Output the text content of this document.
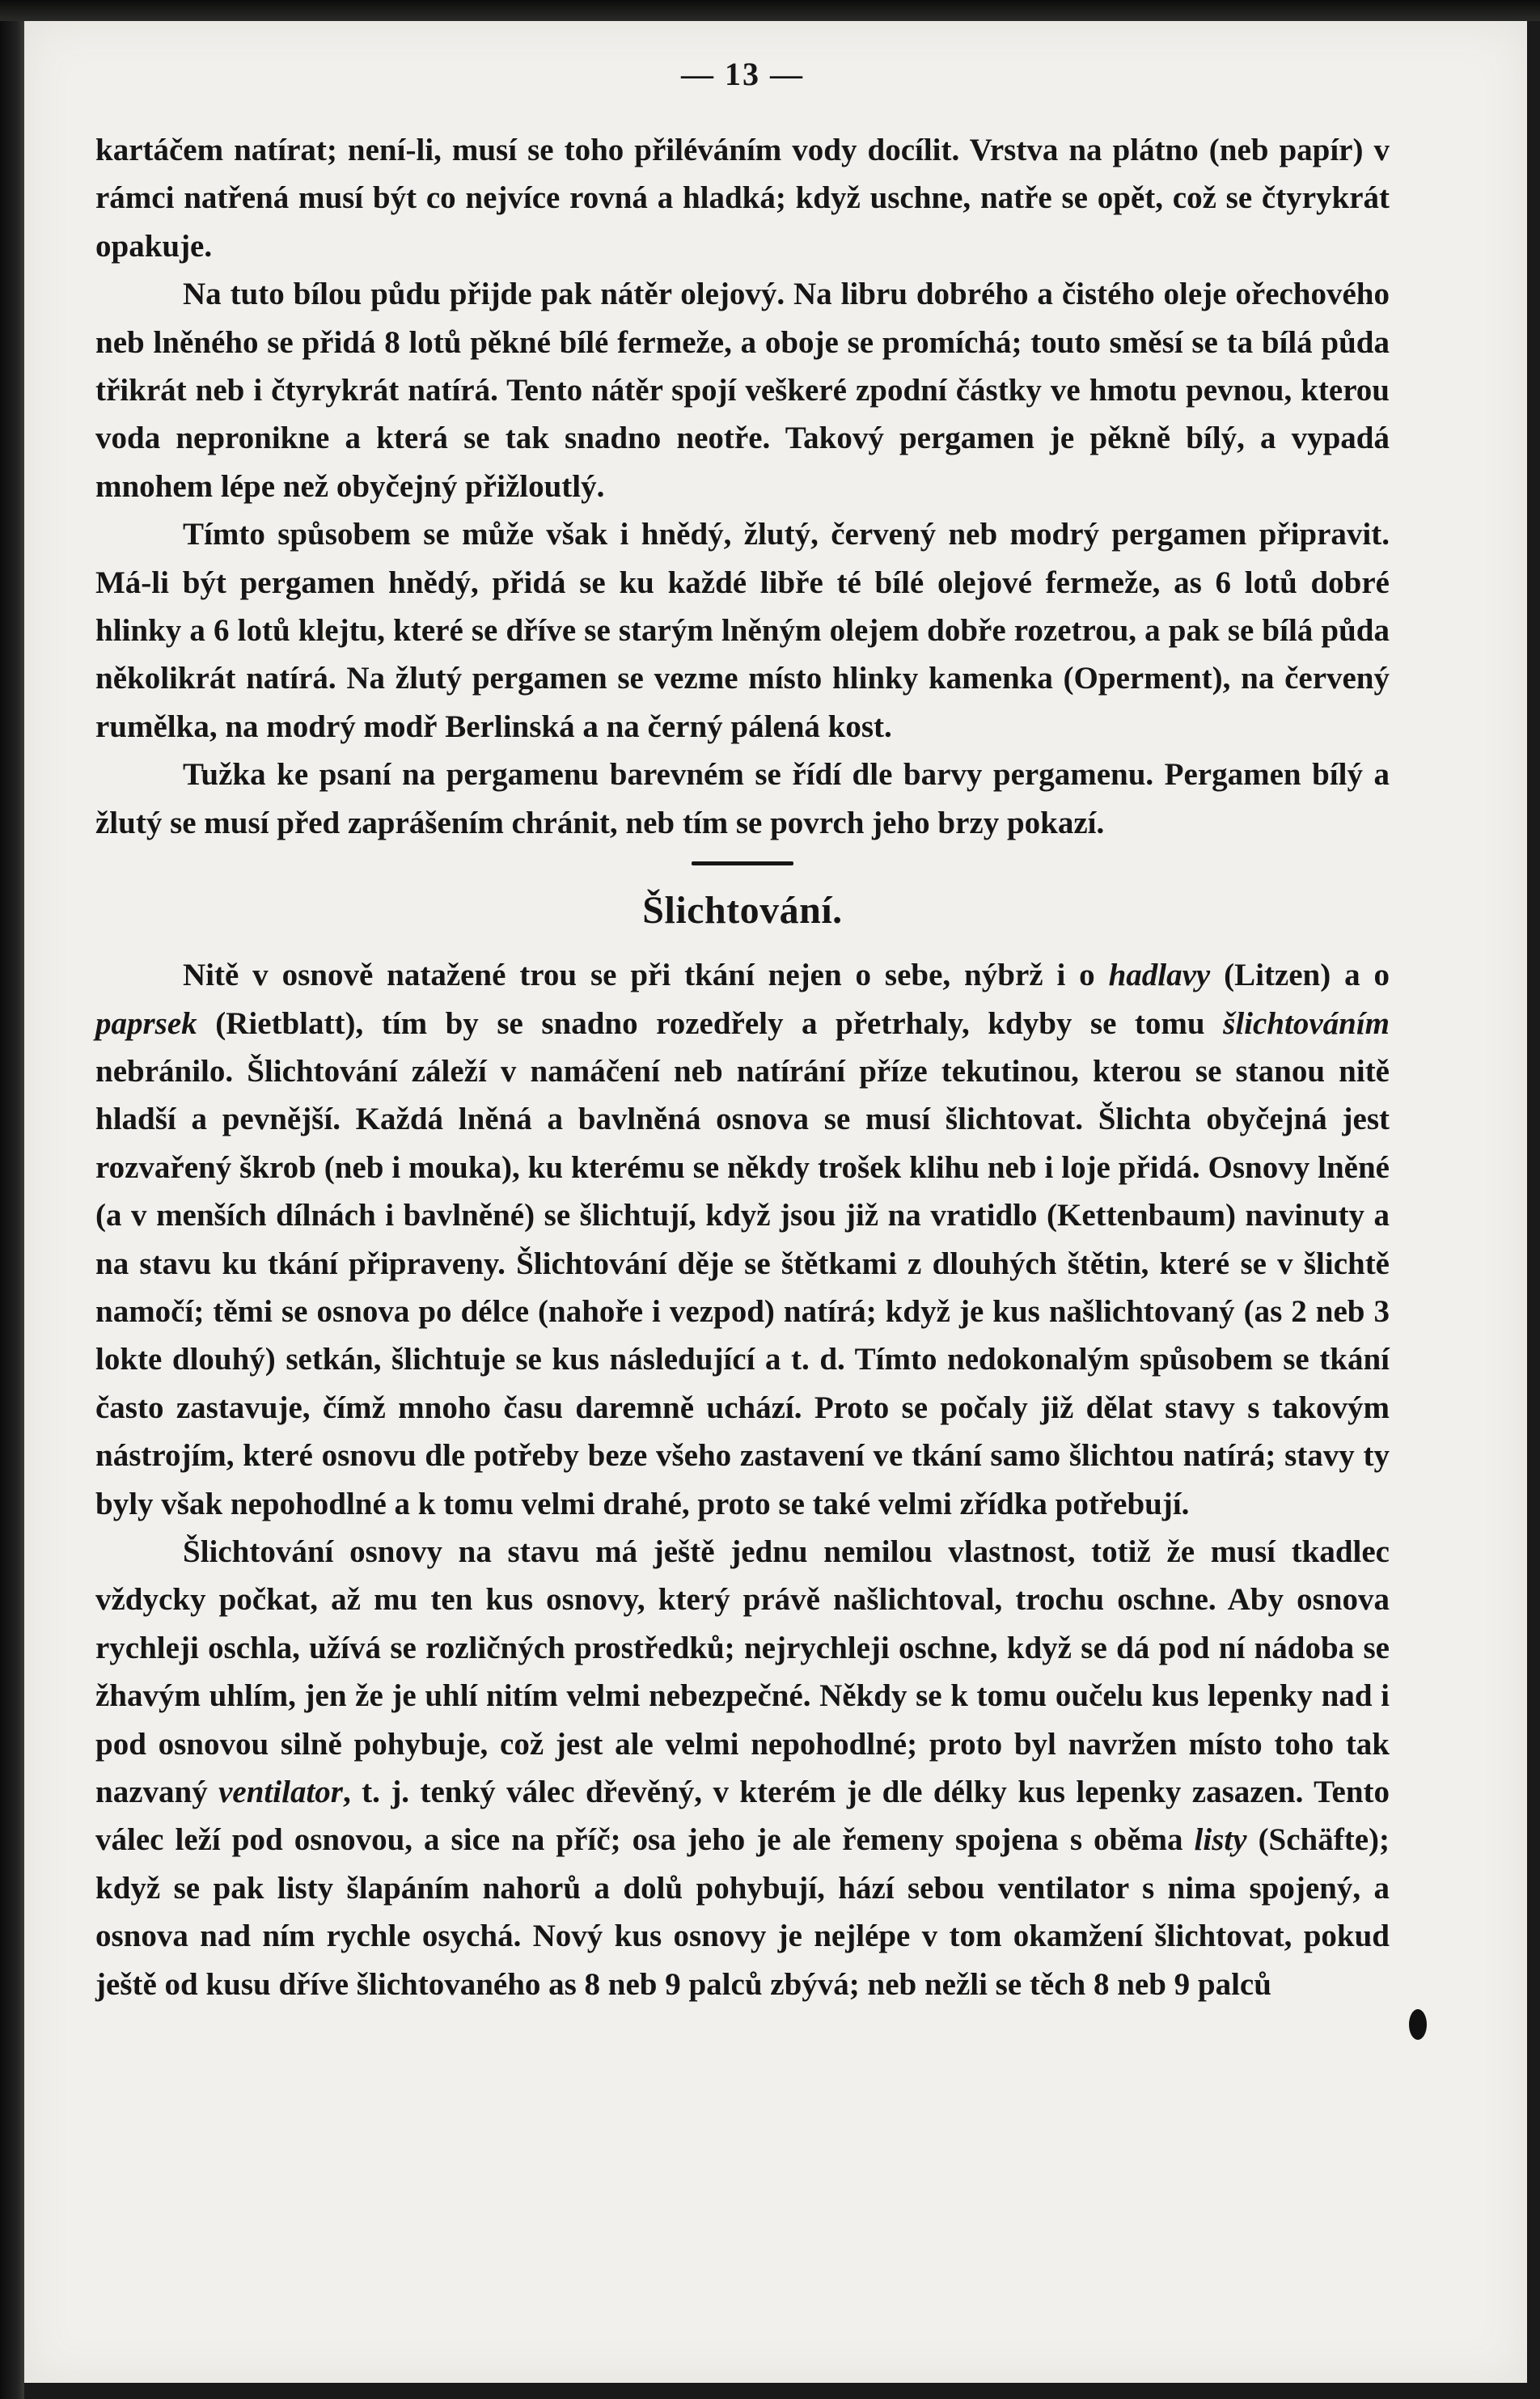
— 13 —

kartáčem natírat; není-li, musí se toho přiléváním vody docílit. Vrstva na plátno (neb papír) v rámci natřená musí být co nejvíce rovná a hladká; když uschne, natře se opět, což se čtyrykrát opakuje.

Na tuto bílou půdu přijde pak nátěr olejový. Na libru dobrého a čistého oleje ořechového neb lněného se přidá 8 lotů pěkné bílé fermeže, a oboje se promíchá; touto směsí se ta bílá půda třikrát neb i čtyrykrát natírá. Tento nátěr spojí veškeré zpodní částky ve hmotu pevnou, kterou voda nepronikne a která se tak snadno neotře. Takový pergamen je pěkně bílý, a vypadá mnohem lépe než obyčejný přižloutlý.

Tímto spůsobem se může však i hnědý, žlutý, červený neb modrý pergamen připravit. Má-li být pergamen hnědý, přidá se ku každé libře té bílé olejové fermeže, as 6 lotů dobré hlinky a 6 lotů klejtu, které se dříve se starým lněným olejem dobře rozetrou, a pak se bílá půda několikrát natírá. Na žlutý pergamen se vezme místo hlinky kamenka (Operment), na červený rumělka, na modrý modř Berlinská a na černý pálená kost.

Tužka ke psaní na pergamenu barevném se řídí dle barvy pergamenu. Pergamen bílý a žlutý se musí před zaprášením chránit, neb tím se povrch jeho brzy pokazí.

Šlichtování.

Nitě v osnově natažené trou se při tkání nejen o sebe, nýbrž i o hadlavy (Litzen) a o paprsek (Rietblatt), tím by se snadno rozedřely a přetrhaly, kdyby se tomu šlichtováním nebránilo. Šlichtování záleží v namáčení neb natírání příze tekutinou, kterou se stanou nitě hladší a pevnější. Každá lněná a bavlněná osnova se musí šlichtovat. Šlichta obyčejná jest rozvařený škrob (neb i mouka), ku kterému se někdy trošek klihu neb i loje přidá. Osnovy lněné (a v menších dílnách i bavlněné) se šlichtují, když jsou již na vratidlo (Kettenbaum) navinuty a na stavu ku tkání připraveny. Šlichtování děje se štětkami z dlouhých štětin, které se v šlichtě namočí; těmi se osnova po délce (nahoře i vezpod) natírá; když je kus našlichtovaný (as 2 neb 3 lokte dlouhý) setkán, šlichtuje se kus následující a t. d. Tímto nedokonalým spůsobem se tkání často zastavuje, čímž mnoho času daremně uchází. Proto se počaly již dělat stavy s takovým nástrojím, které osnovu dle potřeby beze všeho zastavení ve tkání samo šlichtou natírá; stavy ty byly však nepohodlné a k tomu velmi drahé, proto se také velmi zřídka potřebují.

Šlichtování osnovy na stavu má ještě jednu nemilou vlastnost, totiž že musí tkadlec vždycky počkat, až mu ten kus osnovy, který právě našlichtoval, trochu oschne. Aby osnova rychleji oschla, užívá se rozličných prostředků; nejrychleji oschne, když se dá pod ní nádoba se žhavým uhlím, jen že je uhlí nitím velmi nebezpečné. Někdy se k tomu oučelu kus lepenky nad i pod osnovou silně pohybuje, což jest ale velmi nepohodlné; proto byl navržen místo toho tak nazvaný ventilator, t. j. tenký válec dřevěný, v kterém je dle délky kus lepenky zasazen. Tento válec leží pod osnovou, a sice na příč; osa jeho je ale řemeny spojena s oběma listy (Schäfte); když se pak listy šlapáním nahorů a dolů pohybují, hází sebou ventilator s nima spojený, a osnova nad ním rychle osychá. Nový kus osnovy je nejlépe v tom okamžení šlichtovat, pokud ještě od kusu dříve šlichtovaného as 8 neb 9 palců zbývá; neb nežli se těch 8 neb 9 palců
